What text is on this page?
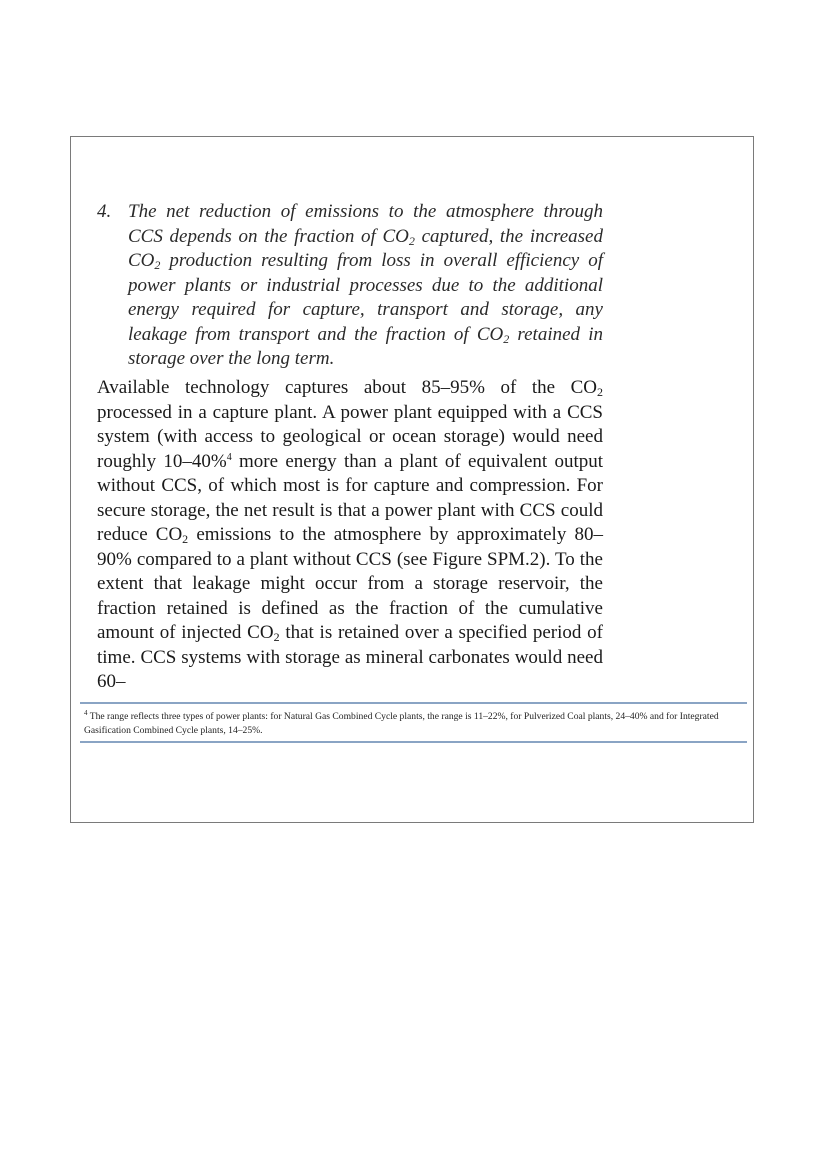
4. The net reduction of emissions to the atmosphere through CCS depends on the fraction of $CO_2$ captured, the increased $CO_2$ production resulting from loss in overall efficiency of power plants or industrial processes due to the additional energy required for capture, transport and storage, any leakage from transport and the fraction of $CO_2$ retained in storage over the long term.
Available technology captures about 85–95% of the $CO_2$ processed in a capture plant. A power plant equipped with a CCS system (with access to geological or ocean storage) would need roughly 10–40%$^4$ more energy than a plant of equivalent output without CCS, of which most is for capture and compression. For secure storage, the net result is that a power plant with CCS could reduce $CO_2$ emissions to the atmosphere by approximately 80–90% compared to a plant without CCS (see Figure SPM.2). To the extent that leakage might occur from a storage reservoir, the fraction retained is defined as the fraction of the cumulative amount of injected $CO_2$ that is retained over a specified period of time. CCS systems with storage as mineral carbonates would need 60–
$^4$ The range reflects three types of power plants: for Natural Gas Combined Cycle plants, the range is 11–22%, for Pulverized Coal plants, 24–40% and for Integrated Gasification Combined Cycle plants, 14–25%.
